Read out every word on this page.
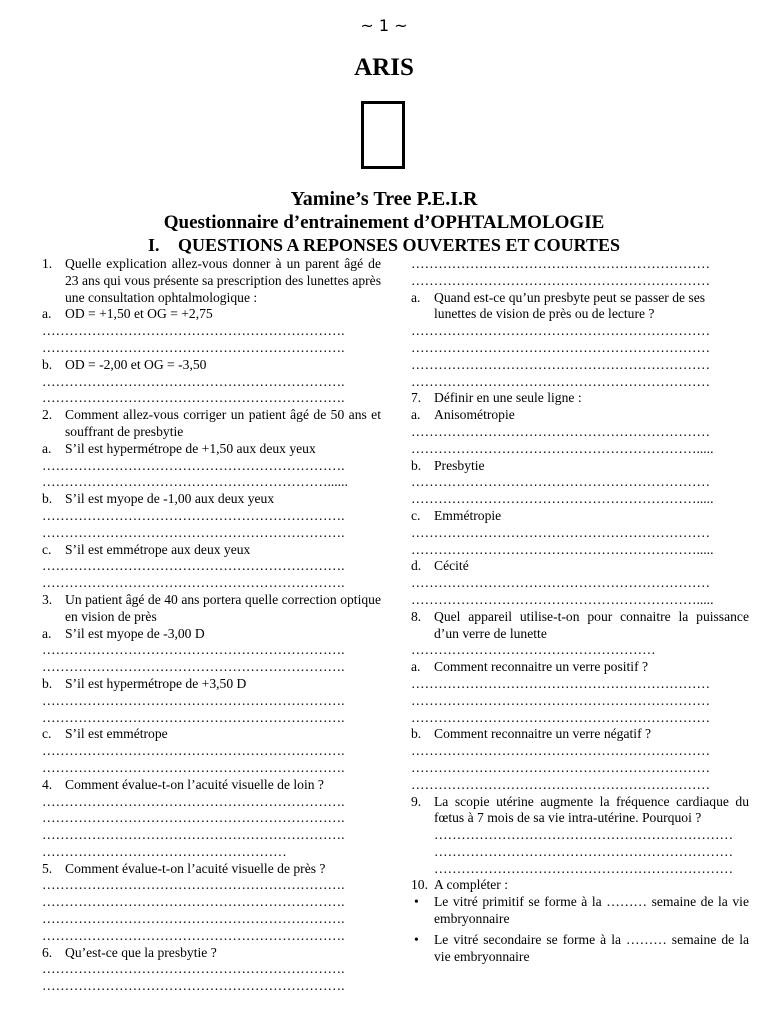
~ 1 ~
ARIS
Yamine’s Tree P.E.I.R
Questionnaire d’entrainement d’OPHTALMOLOGIE
I. QUESTIONS A REPONSES OUVERTES ET COURTES
1. Quelle explication allez-vous donner à un parent âgé de 23 ans qui vous présente sa prescription des lunettes après une consultation ophtalmologique :
a. OD = +1,50 et OG = +2,75
………………………………………………………….
………………………………………………………….
b. OD = -2,00 et OG = -3,50
………………………………………………………….
………………………………………………………….
2. Comment allez-vous corriger un patient âgé de 50 ans et souffrant de presbytie
a. S’il est hypermétrope de +1,50 aux deux yeux
………………………………………………………….
………………………………………………………......
b. S’il est myope de -1,00 aux deux yeux
………………………………………………………….
………………………………………………………….
c. S’il est emmétrope aux deux yeux
………………………………………………………….
………………………………………………………….
3. Un patient âgé de 40 ans portera quelle correction optique en vision de près
a. S’il est myope de -3,00 D
………………………………………………………….
………………………………………………………….
b. S’il est hypermétrope de +3,50 D
………………………………………………………….
………………………………………………………….
c. S’il est emmétrope
………………………………………………………….
………………………………………………………….
4. Comment évalue-t-on l’acuité visuelle de loin ?
………………………………………………………….
………………………………………………………….
………………………………………………………….
………………………………………………
5. Comment évalue-t-on l’acuité visuelle de près ?
………………………………………………………….
………………………………………………………….
………………………………………………………….
………………………………………………………….
6. Qu’est-ce que la presbytie ?
………………………………………………………….
………………………………………………………….
…………………………………………………………
…………………………………………………………
a. Quand est-ce qu’un presbyte peut se passer de ses lunettes de vision de près ou de lecture ?
…………………………………………………………
…………………………………………………………
…………………………………………………………
…………………………………………………………
7. Définir en une seule ligne :
a. Anisométropie
…………………………………………………………
……………………………………………………….....
b. Presbytie
…………………………………………………………
……………………………………………………….....
c. Emmétropie
…………………………………………………………
……………………………………………………….....
d. Cécité
…………………………………………………………
……………………………………………………….....
8. Quel appareil utilise-t-on pour connaitre la puissance d’un verre de lunette
………………………………………………
a. Comment reconnaitre un verre positif ?
…………………………………………………………
…………………………………………………………
…………………………………………………………
b. Comment reconnaitre un verre négatif ?
…………………………………………………………
…………………………………………………………
…………………………………………………………
9. La scopie utérine augmente la fréquence cardiaque du fœtus à 7 mois de sa vie intra-utérine. Pourquoi ?
…………………………………………………………
…………………………………………………………
…………………………………………………………
10. A compléter :
• Le vitré primitif se forme à la ……… semaine de la vie embryonnaire
• Le vitré secondaire se forme à la ……… semaine de la vie embryonnaire
